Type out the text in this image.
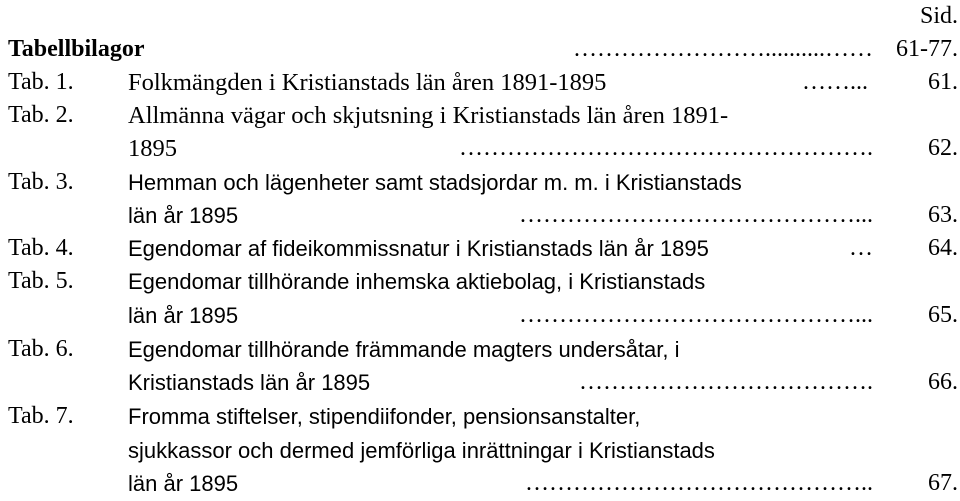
Sid.
Tabellbilagor	……………………..........…… 61-77.
Tab. 1. Folkmängden i Kristianstads län åren 1891-1895	……...	61.
Tab. 2. Allmänna vägar och skjutsning i Kristianstads län åren 1891-
1895	……………………………………………. 62.
Tab. 3. Hemman och lägenheter samt stadsjordar m. m. i Kristianstads
län år 1895	……………………………………... 63.
Tab. 4. Egendomar af fideikommissnatur i Kristianstads län år 1895	… 64.
Tab. 5. Egendomar tillhörande inhemska aktiebolag, i Kristianstads
län år 1895	……………………………………... 65.
Tab. 6. Egendomar tillhörande främmande magters undersåtar, i
Kristianstads län år 1895	………………………………. 66.
Tab. 7. Fromma stiftelser, stipendiifonder, pensionsanstalter,
sjukkassor och dermed jemförliga inrättningar i Kristianstads
län år 1895	…………………………………….. 67.
